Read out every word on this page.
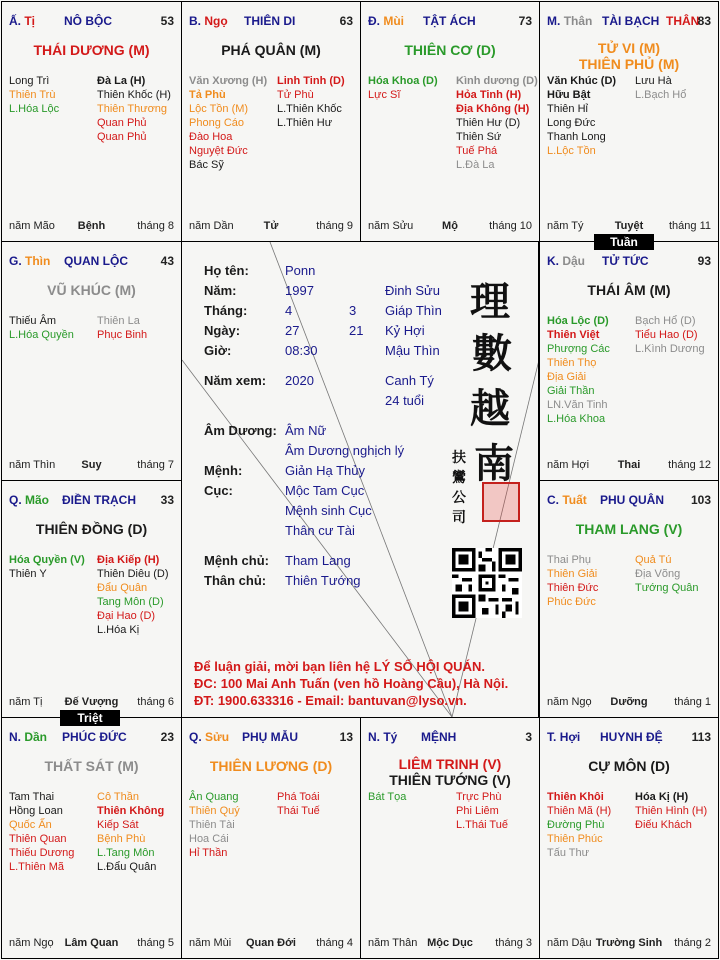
Ấ. Tị NÔ BỘC	53
THÁI DƯƠNG (M)
Long Trì
Thiên Trù
L.Hóa Lộc
Đà La (H)
Thiên Khốc (H)
Thiên Thương
Quan Phủ
Quan Phủ
năm Mão	Bệnh	tháng 8
B. Ngọ THIÊN DI	63
PHÁ QUÂN (M)
Văn Xương (H)
Tả Phù
Lộc Tồn (M)
Phong Cáo
Đào Hoa
Nguyệt Đức
Bác Sỹ
Linh Tinh (D)
Tử Phù
L.Thiên Khốc
L.Thiên Hư
năm Dần	Tử	tháng 9
Đ. Mùi TẬT ÁCH	73
THIÊN CƠ (D)
Hóa Khoa (D)
Lực Sĩ
Kình dương (D)
Hỏa Tinh (H)
Địa Không (H)
Thiên Hư (D)
Thiên Sứ
Tuế Phá
L.Đà La
năm Sửu	Mộ	tháng 10
M. Thân TÀI BẠCH THÂN
83
TỬ VI (M)
THIÊN PHỦ (M)
Văn Khúc (D)
Hữu Bật
Thiên Hỉ
Long Đức
Thanh Long
L.Lộc Tồn
Lưu Hà
L.Bạch Hổ
năm Tý	Tuyệt	tháng 11
G. Thìn QUAN LỘC	43
VŨ KHÚC (M)
Thiếu Âm
L.Hóa Quyền
Thiên La
Phục Binh
năm Thìn	Suy	tháng 7
K. Dậu TỬ TỨC	93
THÁI ÂM (M)
Hóa Lộc (D)
Thiên Việt
Phượng Các
Thiên Thọ
Địa Giải
Giải Thần
LN.Văn Tinh
L.Hóa Khoa
Bạch Hổ (D)
Tiểu Hao (D)
L.Kình Dương
năm Hợi	Thai	tháng 12
Q. Mão ĐIỀN TRẠCH 33
THIÊN ĐỒNG (D)
Hóa Quyền (V)
Thiên Y
Địa Kiếp (H)
Thiên Diêu (D)
Đẩu Quân
Tang Môn (D)
Đại Hao (D)
L.Hóa Kị
năm Tị	Đế Vượng	tháng 6
C. Tuất PHU QUÂN 103
THAM LANG (V)
Thai Phụ
Thiên Giải
Thiên Đức
Phúc Đức
Quả Tú
Địa Võng
Tướng Quân
năm Ngọ	Dưỡng	tháng 1
N. Dần PHÚC ĐỨC	23
THẤT SÁT (M)
Tam Thai
Hồng Loan
Quốc Ấn
Thiên Quan
Thiếu Dương
L.Thiên Mã
Cô Thần
Thiên Không
Kiếp Sát
Bệnh Phù
L.Tang Môn
L.Đẩu Quân
năm Ngọ Lâm Quan	tháng 5
Q. Sửu PHỤ MẪU	13
THIÊN LƯƠNG (D)
Ân Quang
Thiên Quý
Thiên Tài
Hoa Cái
Hỉ Thần
Phá Toái
Thái Tuế
năm Mùi	Quan Đới	tháng 4
N. Tý MỆNH	3
LIÊM TRINH (V)
THIÊN TƯỚNG (V)
Bát Tọa	Trực Phù
Phi Liêm
L.Thái Tuế
năm Thân Mộc Dục	tháng 3
T. Hợi HUYNH ĐỆ 113
CỰ MÔN (D)
Thiên Khôi
Thiên Mã (H)
Đường Phù
Thiên Phúc
Tấu Thư
Hóa Kị (H)
Thiên Hình (H)
Điếu Khách
năm Dậu Trường Sinh	tháng 2
Họ tên:	Ponn
Năm:	1997	Đinh Sửu
Tháng:	4	3 Giáp Thìn
Ngày:	27	21 Kỷ Hợi
Giờ:	08:30	Mậu Thìn
Năm xem: 2020	Canh Tý
24 tuổi
Âm Dương: Âm Nữ
Âm Dương nghịch lý
Mệnh:	Giản Hạ Thủy
Cục:	Mộc Tam Cục
Mệnh sinh Cục
Thân cư Tài
Mệnh chủ: Tham Lang
Thân chủ: Thiên Tướng
理
數
越
南
扶
鸞
公
司
Để luận giải, mời bạn liên hệ LÝ SỐ HỘI QUÁN.
ĐC: 100 Mai Anh Tuấn (ven hồ Hoàng Cầu), Hà Nội.
ĐT: 1900.633316 - Email: bantuvan@lyso.vn.
Tuần
Triệt
